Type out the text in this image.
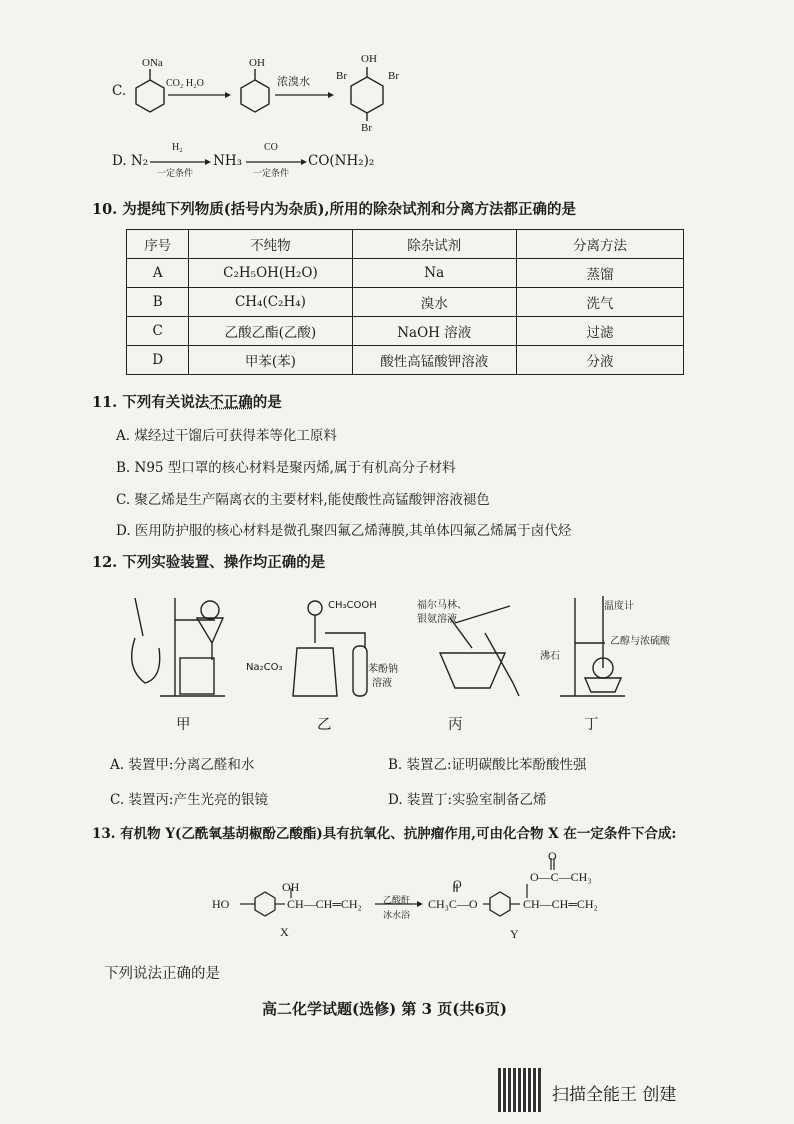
C.
ONa
CO₂ H₂O
OH
浓溴水
OH
Br	Br
Br
D. N₂
H₂
一定条件
NH₃
CO
一定条件
CO(NH₂)₂
10. 为提纯下列物质(括号内为杂质),所用的除杂试剂和分离方法都正确的是
序号	不纯物	除杂试剂	分离方法
A	C₂H₅OH(H₂O)	Na	蒸馏
B	CH₄(C₂H₄)	溴水	洗气
C	乙酸乙酯(乙酸)	NaOH 溶液	过滤
D	甲苯(苯)	酸性高锰酸钾溶液	分液
11. 下列有关说法不正确的是
A. 煤经过干馏后可获得苯等化工原料
B. N95 型口罩的核心材料是聚丙烯,属于有机高分子材料
C. 聚乙烯是生产隔离衣的主要材料,能使酸性高锰酸钾溶液褪色
D. 医用防护服的核心材料是微孔聚四氟乙烯薄膜,其单体四氟乙烯属于卤代烃
12. 下列实验装置、操作均正确的是
CH₃COOH
Na₂CO₃	苯酚钠
溶液
福尔马林、
银氨溶液
温度计
沸石
乙醇与浓硫酸
甲	乙	丙	丁
A. 装置甲:分离乙醛和水	B. 装置乙:证明碳酸比苯酚酸性强
C. 装置丙:产生光亮的银镜	D. 装置丁:实验室制备乙烯
13. 有机物 Y(乙酰氧基胡椒酚乙酸酯)具有抗氧化、抗肿瘤作用,可由化合物 X 在一定条件下合成:
HO
OH
CH—CH═CH₂
X
乙酸酐
冰水浴
O
CH₃C—O
O
O—C—CH₃
CH—CH═CH₂
Y
下列说法正确的是
高二化学试题(选修) 第 3 页(共6页)
扫描全能王 创建
